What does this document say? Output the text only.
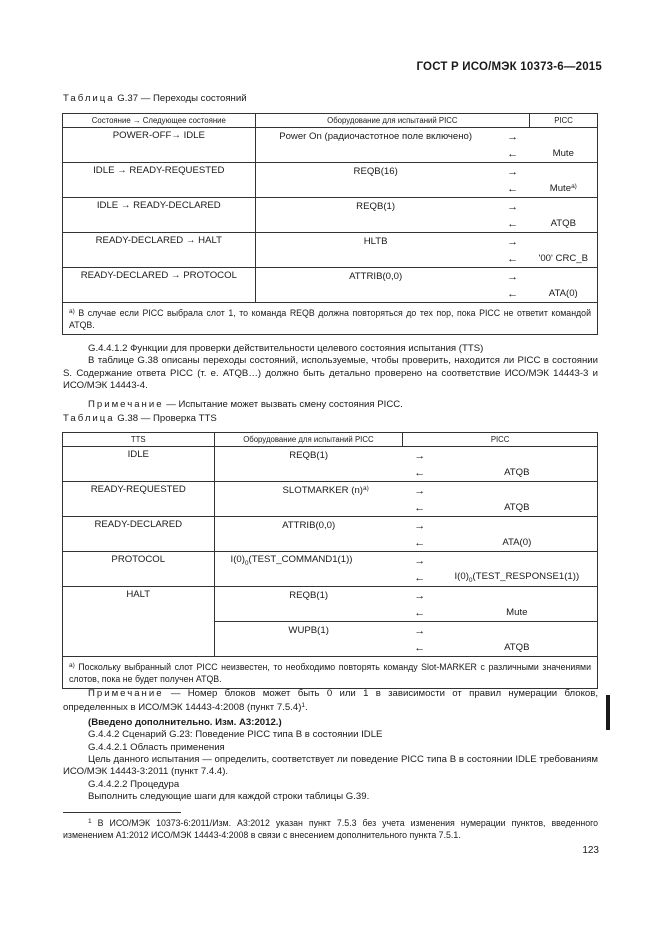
ГОСТ Р ИСО/МЭК 10373-6—2015
Таблица G.37 — Переходы состояний
Состояние → Следующее состояние	Оборудование для испытаний PICC		PICC
POWER-OFF→ IDLE	Power On (радиочастотное поле включено)	→	
		←	Mute
IDLE → READY-REQUESTED	REQB(16)	→	
		←	Mute$^{a)}$
IDLE → READY-DECLARED	REQB(1)	→	
		←	ATQB
READY-DECLARED → HALT	HLTB	→	
		←	'00' CRC_B
READY-DECLARED → PROTOCOL	ATTRIB(0,0)	→	
		←	ATA(0)
$^{a)}$ В случае если PICC выбрала слот 1, то команда REQB должна повторяться до тех пор, пока PICC не ответит командой ATQB.			
G.4.4.1.2 Функции для проверки действительности целевого состояния испытания (TTS)
В таблице G.38 описаны переходы состояний, используемые, чтобы проверить, находится ли PICC в состоянии S. Содержание ответа PICC (т. е. ATQB…) должно быть детально проверено на соответствие ИСО/МЭК 14443-3 и ИСО/МЭК 14443-4.
Примечание — Испытание может вызвать смену состояния PICC.
Таблица G.38 — Проверка TTS
TTS	Оборудование для испытаний PICC	PICC	
IDLE	REQB(1)	→	
		←	ATQB
READY-REQUESTED	SLOTMARKER $(n)^{a)}$	→	
		←	ATQB
READY-DECLARED	ATTRIB(0,0)	→	
		←	ATA(0)
PROTOCOL	$I(0)_0(TEST\_COMMAND1(1))$	→	
		←	$I(0)_0(TEST\_RESPONSE1(1))$
HALT	REQB(1)	→	
		←	Mute
	WUPB(1)	→	
		←	ATQB
$^{a)}$ Поскольку выбранный слот PICC неизвестен, то необходимо повторять команду Slot-MARKER с различными значениями слотов, пока не будет получен ATQB.			
Примечание — Номер блоков может быть 0 или 1 в зависимости от правил нумерации блоков, определенных в ИСО/МЭК 14443-4:2008 (пункт 7.5.4)$^1$.
(Введено дополнительно. Изм. А3:2012.)
G.4.4.2 Сценарий G.23: Поведение PICC типа В в состоянии IDLE
G.4.4.2.1 Область применения
Цель данного испытания — определить, соответствует ли поведение PICC типа В в состоянии IDLE требованиям ИСО/МЭК 14443-3:2011 (пункт 7.4.4).
G.4.4.2.2 Процедура
Выполнить следующие шаги для каждой строки таблицы G.39.
$^1$ В ИСО/МЭК 10373-6:2011/Изм. А3:2012 указан пункт 7.5.3 без учета изменения нумерации пунктов, введенного изменением А1:2012 ИСО/МЭК 14443-4:2008 в связи с внесением дополнительного пункта 7.5.1.
123
